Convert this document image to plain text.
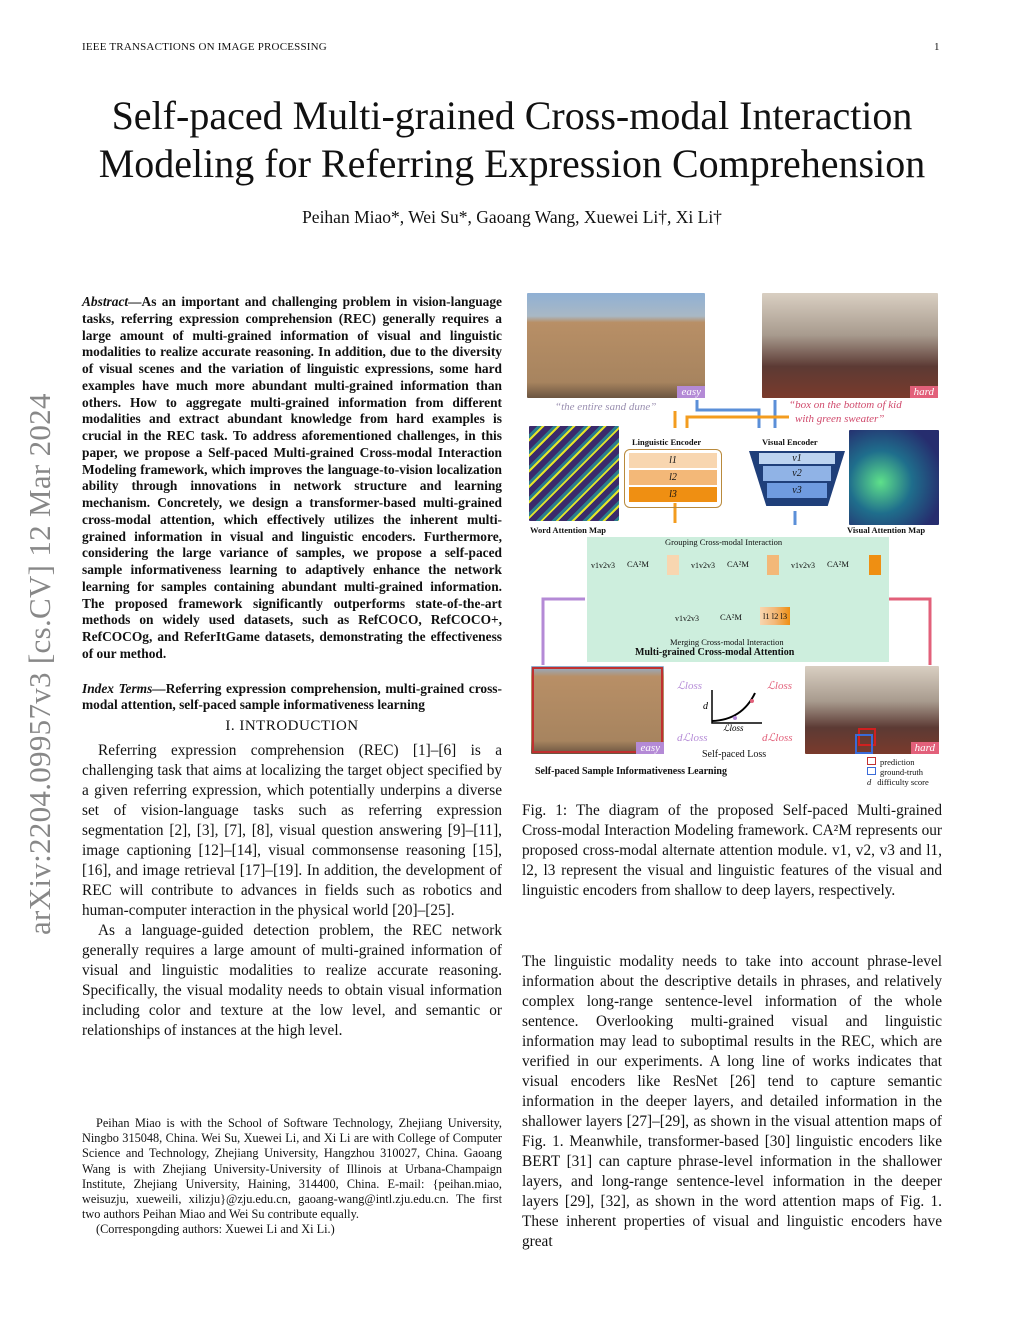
IEEE TRANSACTIONS ON IMAGE PROCESSING	1
arXiv:2204.09957v3 [cs.CV] 12 Mar 2024
Self-paced Multi-grained Cross-modal Interaction Modeling for Referring Expression Comprehension
Peihan Miao*, Wei Su*, Gaoang Wang, Xuewei Li†, Xi Li†

Abstract—As an important and challenging problem in vision-language tasks, referring expression comprehension (REC) generally requires a large amount of multi-grained information of visual and linguistic modalities to realize accurate reasoning. In addition, due to the diversity of visual scenes and the variation of linguistic expressions, some hard examples have much more abundant multi-grained information than others. How to aggregate multi-grained information from different modalities and extract abundant knowledge from hard examples is crucial in the REC task. To address aforementioned challenges, in this paper, we propose a Self-paced Multi-grained Cross-modal Interaction Modeling framework, which improves the language-to-vision localization ability through innovations in network structure and learning mechanism. Concretely, we design a transformer-based multi-grained cross-modal attention, which effectively utilizes the inherent multi-grained information in visual and linguistic encoders. Furthermore, considering the large variance of samples, we propose a self-paced sample informativeness learning to adaptively enhance the network learning for samples containing abundant multi-grained information. The proposed framework significantly outperforms state-of-the-art methods on widely used datasets, such as RefCOCO, RefCOCO+, RefCOCOg, and ReferItGame datasets, demonstrating the effectiveness of our method.

Index Terms—Referring expression comprehension, multi-grained cross-modal attention, self-paced sample informativeness learning

I. INTRODUCTION

Referring expression comprehension (REC) [1]–[6] is a challenging task that aims at localizing the target object specified by a given referring expression, which potentially underpins a diverse set of vision-language tasks such as referring expression segmentation [2], [3], [7], [8], visual question answering [9]–[11], image captioning [12]–[14], visual commonsense reasoning [15], [16], and image retrieval [17]–[19]. In addition, the development of REC will contribute to advances in fields such as robotics and human-computer interaction in the physical world [20]–[25].

As a language-guided detection problem, the REC network generally requires a large amount of multi-grained information of visual and linguistic modalities to realize accurate reasoning. Specifically, the visual modality needs to obtain visual information including color and texture at the low level, and semantic or relationships of instances at the high level.

Peihan Miao is with the School of Software Technology, Zhejiang University, Ningbo 315048, China. Wei Su, Xuewei Li, and Xi Li are with College of Computer Science and Technology, Zhejiang University, Hangzhou 310027, China. Gaoang Wang is with Zhejiang University-University of Illinois at Urbana-Champaign Institute, Zhejiang University, Haining, 314400, China. E-mail: {peihan.miao, weisuzju, xueweili, xilizju}@zju.edu.cn, gaoang-wang@intl.zju.edu.cn. The first two authors Peihan Miao and Wei Su contribute equally.

(Correspongding authors: Xuewei Li and Xi Li.)

easy	hard
“the entire sand dune”	“box on the bottom of kid
with green sweater”
Word Attention Map	Visual Attention Map
Linguistic Encoder	Visual Encoder
l1
l2
l3
v1
v2
v3
Grouping Cross-modal Interaction
v1v2v3 CA²M	v1v2v3 CA²M	v1v2v3 CA²M
v1v2v3 CA²M	l1 l2 l3
Merging Cross-modal Interaction
Multi-grained Cross-modal Attention
easy	hard
ℒloss	ℒloss
dℒloss	dℒloss
d
ℒloss
Self-paced Loss
Self-paced Sample Informativeness Learning
prediction
ground-truth
d difficulty score
Fig. 1: The diagram of the proposed Self-paced Multi-grained Cross-modal Interaction Modeling framework. CA²M represents our proposed cross-modal alternate attention module. v1, v2, v3 and l1, l2, l3 represent the visual and linguistic features of the visual and linguistic encoders from shallow to deep layers, respectively.

The linguistic modality needs to take into account phrase-level information about the descriptive details in phrases, and relatively complex long-range sentence-level information of the whole sentence. Overlooking multi-grained visual and linguistic information may lead to suboptimal results in the REC, which are verified in our experiments. A long line of works indicates that visual encoders like ResNet [26] tend to capture semantic information in the deeper layers, and detailed information in the shallower layers [27]–[29], as shown in the visual attention maps of Fig. 1. Meanwhile, transformer-based [30] linguistic encoders like BERT [31] can capture phrase-level information in the shallower layers, and long-range sentence-level information in the deeper layers [29], [32], as shown in the word attention maps of Fig. 1. These inherent properties of visual and linguistic encoders have great
